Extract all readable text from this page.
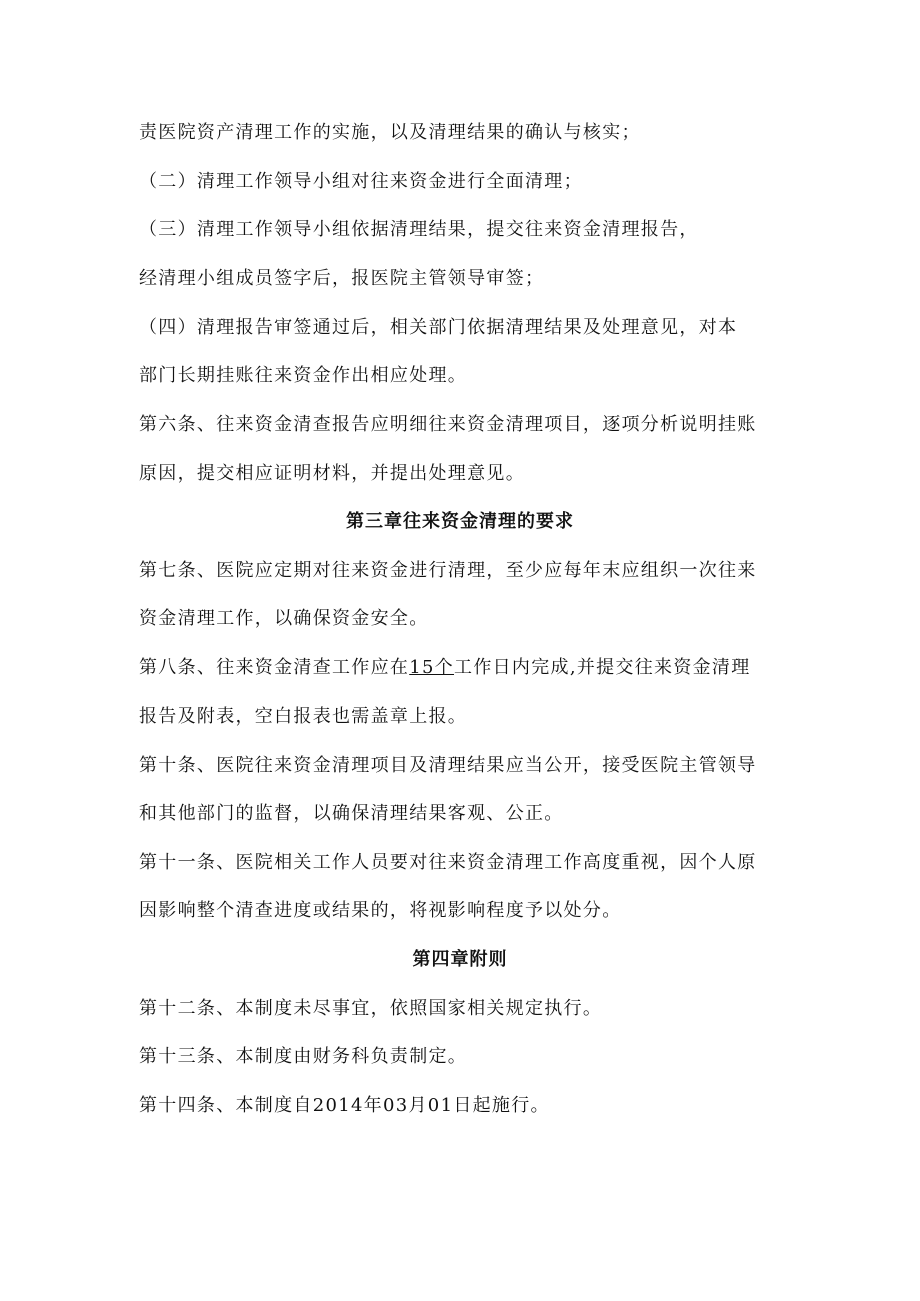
责医院资产清理工作的实施，以及清理结果的确认与核实；
（二）清理工作领导小组对往来资金进行全面清理；
（三）清理工作领导小组依据清理结果，提交往来资金清理报告，
经清理小组成员签字后，报医院主管领导审签；
（四）清理报告审签通过后，相关部门依据清理结果及处理意见，对本
部门长期挂账往来资金作出相应处理。
第六条、往来资金清查报告应明细往来资金清理项目，逐项分析说明挂账
原因，提交相应证明材料，并提出处理意见。
第三章往来资金清理的要求
第七条、医院应定期对往来资金进行清理，至少应每年末应组织一次往来
资金清理工作，以确保资金安全。
第八条、往来资金清查工作应在15个工作日内完成,并提交往来资金清理
报告及附表，空白报表也需盖章上报。
第十条、医院往来资金清理项目及清理结果应当公开，接受医院主管领导
和其他部门的监督，以确保清理结果客观、公正。
第十一条、医院相关工作人员要对往来资金清理工作高度重视，因个人原
因影响整个清查进度或结果的，将视影响程度予以处分。
第四章附则
第十二条、本制度未尽事宜，依照国家相关规定执行。
第十三条、本制度由财务科负责制定。
第十四条、本制度自2014年03月01日起施行。
